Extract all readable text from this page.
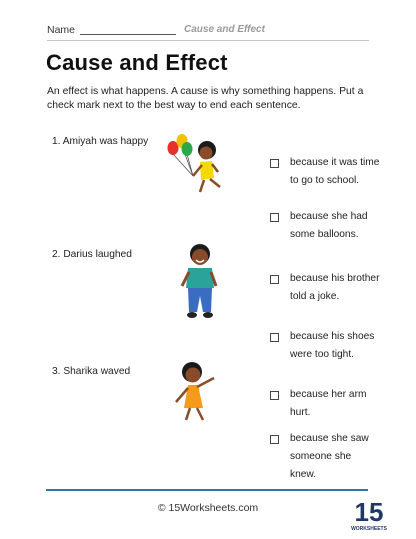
Name	Cause and Effect
Cause and Effect
An effect is what happens. A cause is why something happens. Put a check mark next to the best way to end each sentence.
1. Amiyah was happy
because it was time to go to school.
because she had some balloons.
2. Darius laughed
because his brother told a joke.
because his shoes were too tight.
3. Sharika waved
because her arm hurt.
because she saw someone she knew.
© 15Worksheets.com	15
WORKSHEETS
